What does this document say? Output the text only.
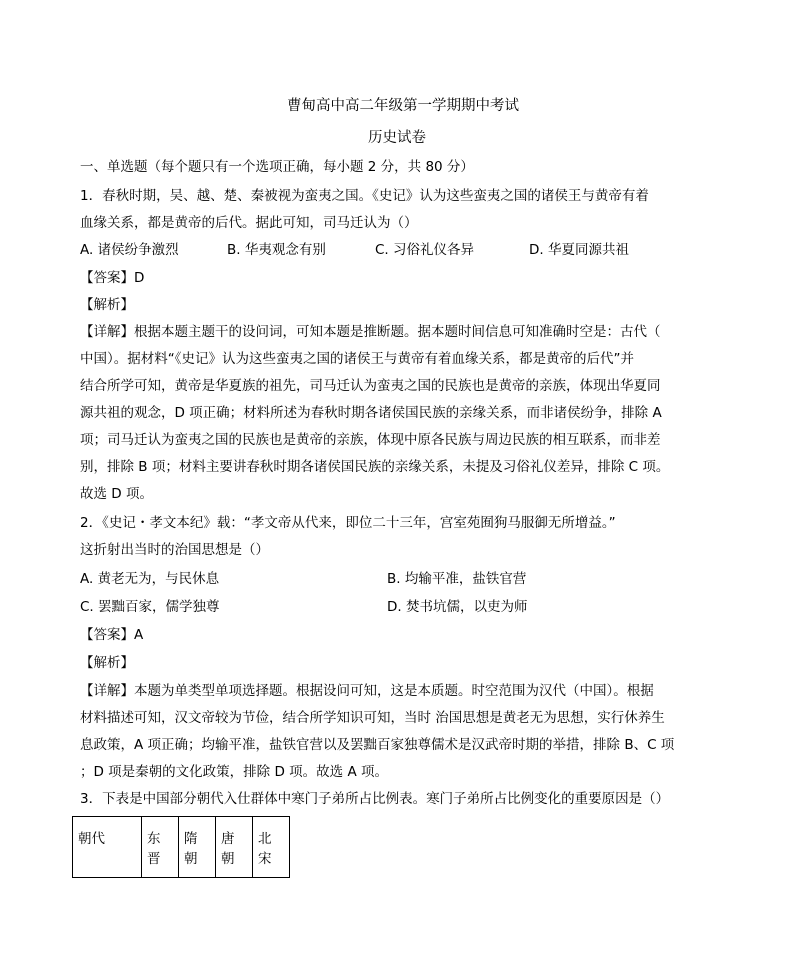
曹甸高中高二年级第一学期期中考试
历史试卷
一、单选题（每个题只有一个选项正确，每小题 2 分，共 80 分）
1．春秋时期，吴、越、楚、秦被视为蛮夷之国。《史记》认为这些蛮夷之国的诸侯王与黄帝有着
血缘关系，都是黄帝的后代。据此可知，司马迁认为（）
A. 诸侯纷争激烈	B. 华夷观念有别	C. 习俗礼仪各异	D. 华夏同源共祖
【答案】D
【解析】
【详解】根据本题主题干的设问词，可知本题是推断题。据本题时间信息可知准确时空是：古代（
中国）。据材料“《史记》认为这些蛮夷之国的诸侯王与黄帝有着血缘关系，都是黄帝的后代”并
结合所学可知，黄帝是华夏族的祖先，司马迁认为蛮夷之国的民族也是黄帝的亲族，体现出华夏同
源共祖的观念，D 项正确；材料所述为春秋时期各诸侯国民族的亲缘关系，而非诸侯纷争，排除 A
项；司马迁认为蛮夷之国的民族也是黄帝的亲族，体现中原各民族与周边民族的相互联系，而非差
别，排除 B 项；材料主要讲春秋时期各诸侯国民族的亲缘关系，未提及习俗礼仪差异，排除 C 项。
故选 D 项。
2．《史记・孝文本纪》载：“孝文帝从代来，即位二十三年，宫室苑囿狗马服御无所增益。”
这折射出当时的治国思想是（）
A. 黄老无为，与民休息	B. 均输平准，盐铁官营
C. 罢黜百家，儒学独尊	D. 焚书坑儒，以吏为师
【答案】A
【解析】
【详解】本题为单类型单项选择题。根据设问可知，这是本质题。时空范围为汉代（中国）。根据
材料描述可知，汉文帝较为节俭，结合所学知识可知，当时 治国思想是黄老无为思想，实行休养生
息政策，A 项正确；均输平准，盐铁官营以及罢黜百家独尊儒术是汉武帝时期的举措，排除 B、C 项
；D 项是秦朝的文化政策，排除 D 项。故选 A 项。
3．下表是中国部分朝代入仕群体中寒门子弟所占比例表。寒门子弟所占比例变化的重要原因是（）
朝代	东晋	隋朝	唐朝	北宋
